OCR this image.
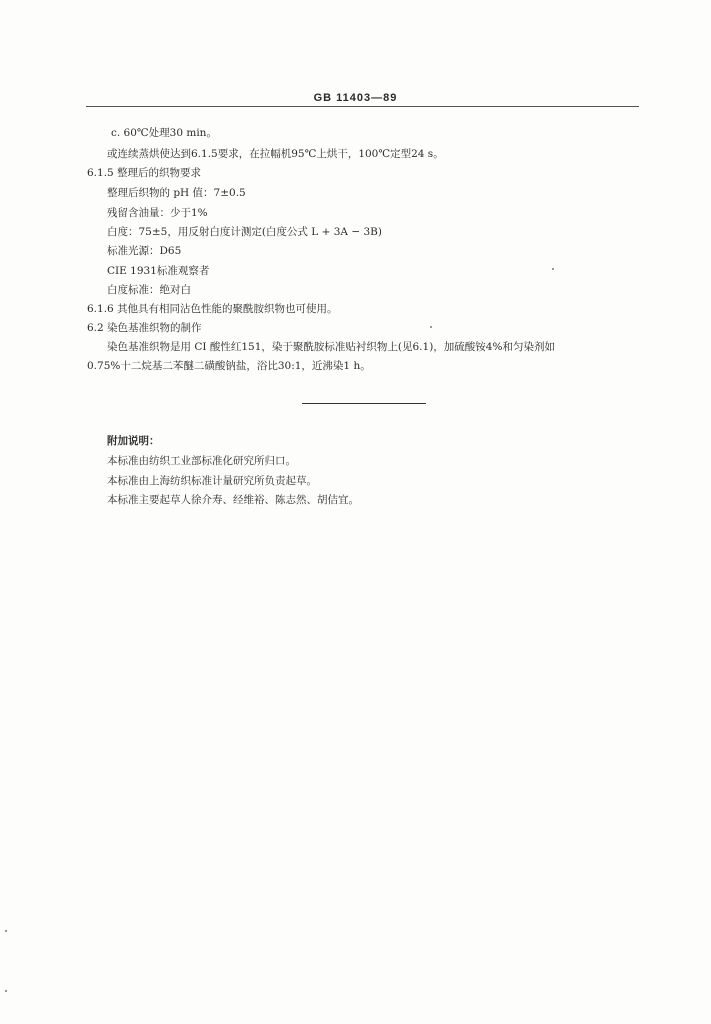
GB 11403—89
c. 60℃处理30 min。
或连续蒸烘使达到6.1.5要求，在拉幅机95℃上烘干，100℃定型24 s。
6.1.5 整理后的织物要求
整理后织物的 pH 值：7±0.5
残留含油量：少于1%
白度：75±5，用反射白度计测定(白度公式 L + 3A − 3B)
标准光源：D65
CIE 1931标准观察者
白度标准：绝对白
6.1.6 其他具有相同沾色性能的聚酰胺织物也可使用。
6.2 染色基准织物的制作
染色基准织物是用 CI 酸性红151，染于聚酰胺标准贴衬织物上(见6.1)，加硫酸铵4%和匀染剂如
0.75%十二烷基二苯醚二磺酸钠盐，浴比30:1，近沸染1 h。
附加说明：
本标准由纺织工业部标准化研究所归口。
本标准由上海纺织标准计量研究所负责起草。
本标准主要起草人徐介寿、经维裕、陈志然、胡佶宜。
